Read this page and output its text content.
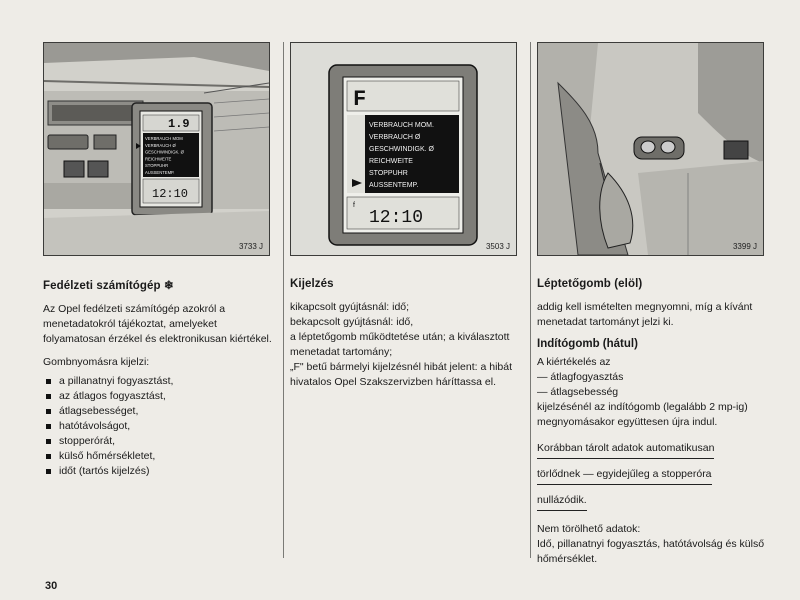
1.9
VERBRAUCH MOM
VERBRAUCH Ø
GESCHWINDIGK. Ø
REICHWEITE
STOPPUHR
AUSSENTEMP.
12:10
3733 J
Fedélzeti számítógép ❄

Az Opel fedélzeti számítógép azokról a menetadatokról tájékoztat, amelyeket folyamatosan érzékel és elektronikusan kiértékel.

Gombnyomásra kijelzi:

a pillanatnyi fogyasztást,
az átlagos fogyasztást,
átlagsebességet,
hatótávolságot,
stopperórát,
külső hőmérsékletet,
időt (tartós kijelzés)
F
VERBRAUCH MOM.
VERBRAUCH Ø
GESCHWINDIGK. Ø
REICHWEITE
STOPPUHR
AUSSENTEMP.
f
12:10
3503 J
Kijelzés

kikapcsolt gyújtásnál: idő;

bekapcsolt gyújtásnál: idő,

a léptetőgomb működtetése után; a kiválasztott menetadat tartomány;

„F" betű bármelyi kijelzésnél hibát jelent: a hibát hivatalos Opel Szakszervizben háríttassa el.

3399 J
Léptetőgomb (elöl)

addig kell ismételten megnyomni, míg a kívánt menetadat tartományt jelzi ki.

Indítógomb (hátul)

A kiértékelés az

— átlagfogyasztás
— átlagsebesség

kijelzésénél az indítógomb (legalább 2 mp-ig) megnyomásakor együttesen újra indul.

Korábban tárolt adatok automatikusan
törlődnek — egyidejűleg a stopperóra
nullázódik.

Nem törölhető adatok:

Idő, pillanatnyi fogyasztás, hatótávolság és külső hőmérséklet.

30
